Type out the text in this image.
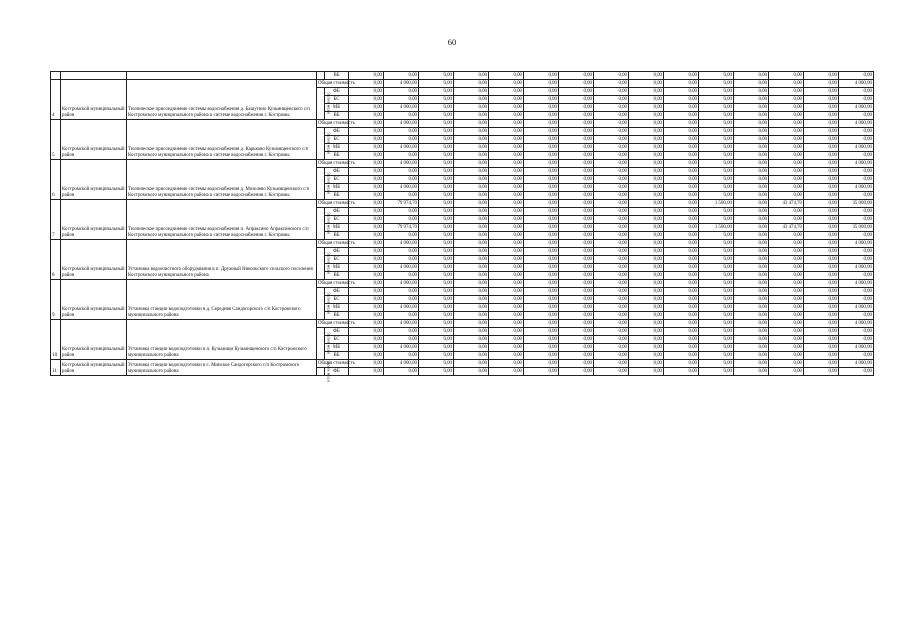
60
				ВБ	0,00	0,00	0,00	0,00	0,00	0,00	0,00	0,00	0,00	0,00	0,00	0,00	0,00	0,00	0,00
4	Костромской муниципальный район	Техническое присоединение системы водоснабжения д. Башутино Кузьмищенского с/п Костромского муниципального района к системе водоснабжения г. Костромы	Общая стоимость		0,00	4 000,00	0,00	0,00	0,00	0,00	0,00	0,00	0,00	0,00	0,00	0,00	0,00	0,00	4 000,00
			в том числе:	ФБ	0,00	0,00	0,00	0,00	0,00	0,00	0,00	0,00	0,00	0,00	0,00	0,00	0,00	0,00	0,00
				БС	0,00	0,00	0,00	0,00	0,00	0,00	0,00	0,00	0,00	0,00	0,00	0,00	0,00	0,00	0,00
				МБ	0,00	4 000,00	0,00	0,00	0,00	0,00	0,00	0,00	0,00	0,00	0,00	0,00	0,00	0,00	4 000,00
				ВБ	0,00	0,00	0,00	0,00	0,00	0,00	0,00	0,00	0,00	0,00	0,00	0,00	0,00	0,00	0,00
5	Костромской муниципальный район	Техническое присоединение системы водоснабжения д. Карьково Кузьмищенского с/п Костромского муниципального района к системе водоснабжения г. Костромы	Общая стоимость		0,00	4 000,00	0,00	0,00	0,00	0,00	0,00	0,00	0,00	0,00	0,00	0,00	0,00	0,00	4 000,00
			в том числе:	ФБ	0,00	0,00	0,00	0,00	0,00	0,00	0,00	0,00	0,00	0,00	0,00	0,00	0,00	0,00	0,00
				БС	0,00	0,00	0,00	0,00	0,00	0,00	0,00	0,00	0,00	0,00	0,00	0,00	0,00	0,00	0,00
				МБ	0,00	4 000,00	0,00	0,00	0,00	0,00	0,00	0,00	0,00	0,00	0,00	0,00	0,00	0,00	4 000,00
				ВБ	0,00	0,00	0,00	0,00	0,00	0,00	0,00	0,00	0,00	0,00	0,00	0,00	0,00	0,00	0,00
6	Костромской муниципальный район	Техническое присоединение системы водоснабжения д. Мозолево Кузьмищенского с/п Костромского муниципального района к системе водоснабжения г. Костромы	Общая стоимость		0,00	4 000,00	0,00	0,00	0,00	0,00	0,00	0,00	0,00	0,00	0,00	0,00	0,00	0,00	4 000,00
			в том числе:	ФБ	0,00	0,00	0,00	0,00	0,00	0,00	0,00	0,00	0,00	0,00	0,00	0,00	0,00	0,00	0,00
				БС	0,00	0,00	0,00	0,00	0,00	0,00	0,00	0,00	0,00	0,00	0,00	0,00	0,00	0,00	0,00
				МБ	0,00	4 000,00	0,00	0,00	0,00	0,00	0,00	0,00	0,00	0,00	0,00	0,00	0,00	0,00	4 000,00
				ВБ	0,00	0,00	0,00	0,00	0,00	0,00	0,00	0,00	0,00	0,00	0,00	0,00	0,00	0,00	0,00
7	Костромской муниципальный район	Техническое присоединение системы водоснабжения п. Апраксино Апраксинского с/п Костромского муниципального района к системе водоснабжения г. Костромы	Общая стоимость		0,00	79 974,70	0,00	0,00	0,00	0,00	0,00	0,00	0,00	0,00	1 500,00	0,00	43 474,70	0,00	35 000,00
			в том числе:	ФБ	0,00	0,00	0,00	0,00	0,00	0,00	0,00	0,00	0,00	0,00	0,00	0,00	0,00	0,00	0,00
				БС	0,00	0,00	0,00	0,00	0,00	0,00	0,00	0,00	0,00	0,00	0,00	0,00	0,00	0,00	0,00
				МБ	0,00	79 974,70	0,00	0,00	0,00	0,00	0,00	0,00	0,00	0,00	1 500,00	0,00	43 474,70	0,00	35 000,00
				ВБ	0,00	0,00	0,00	0,00	0,00	0,00	0,00	0,00	0,00	0,00	0,00	0,00	0,00	0,00	0,00
8	Костромской муниципальный район	Установка водоочистного оборудования в п. Дружный Никольского сельского поселения Костромского муниципального района	Общая стоимость		0,00	4 000,00	0,00	0,00	0,00	0,00	0,00	0,00	0,00	0,00	0,00	0,00	0,00	0,00	4 000,00
			в том числе:	ФБ	0,00	0,00	0,00	0,00	0,00	0,00	0,00	0,00	0,00	0,00	0,00	0,00	0,00	0,00	0,00
				БС	0,00	0,00	0,00	0,00	0,00	0,00	0,00	0,00	0,00	0,00	0,00	0,00	0,00	0,00	0,00
				МБ	0,00	4 000,00	0,00	0,00	0,00	0,00	0,00	0,00	0,00	0,00	0,00	0,00	0,00	0,00	4 000,00
				ВБ	0,00	0,00	0,00	0,00	0,00	0,00	0,00	0,00	0,00	0,00	0,00	0,00	0,00	0,00	0,00
9	Костромской муниципальный район	Установка станции водоподготовки в д. Середняя Сандогорского с/п Костромского муниципального района	Общая стоимость		0,00	4 000,00	0,00	0,00	0,00	0,00	0,00	0,00	0,00	0,00	0,00	0,00	0,00	0,00	4 000,00
			в том числе:	ФБ	0,00	0,00	0,00	0,00	0,00	0,00	0,00	0,00	0,00	0,00	0,00	0,00	0,00	0,00	0,00
				БС	0,00	0,00	0,00	0,00	0,00	0,00	0,00	0,00	0,00	0,00	0,00	0,00	0,00	0,00	0,00
				МБ	0,00	4 000,00	0,00	0,00	0,00	0,00	0,00	0,00	0,00	0,00	0,00	0,00	0,00	0,00	4 000,00
				ВБ	0,00	0,00	0,00	0,00	0,00	0,00	0,00	0,00	0,00	0,00	0,00	0,00	0,00	0,00	0,00
10	Костромской муниципальный район	Установка станции водоподготовки в п. Кузьмищи Кузьмищенского с/п Костромского муниципального района	Общая стоимость		0,00	4 000,00	0,00	0,00	0,00	0,00	0,00	0,00	0,00	0,00	0,00	0,00	0,00	0,00	4 000,00
			в том числе:	ФБ	0,00	0,00	0,00	0,00	0,00	0,00	0,00	0,00	0,00	0,00	0,00	0,00	0,00	0,00	0,00
				БС	0,00	0,00	0,00	0,00	0,00	0,00	0,00	0,00	0,00	0,00	0,00	0,00	0,00	0,00	0,00
				МБ	0,00	4 000,00	0,00	0,00	0,00	0,00	0,00	0,00	0,00	0,00	0,00	0,00	0,00	0,00	4 000,00
				ВБ	0,00	0,00	0,00	0,00	0,00	0,00	0,00	0,00	0,00	0,00	0,00	0,00	0,00	0,00	0,00
11	Костромской муниципальный район	Установка станции водоподготовки в с. Минское Сандогорского с/п Костромского муниципального района	Общая стоимость		0,00	4 000,00	0,00	0,00	0,00	0,00	0,00	0,00	0,00	0,00	0,00	0,00	0,00	0,00	4 000,00
			в том числе:	ФБ	0,00	0,00	0,00	0,00	0,00	0,00	0,00	0,00	0,00	0,00	0,00	0,00	0,00	0,00	0,00
